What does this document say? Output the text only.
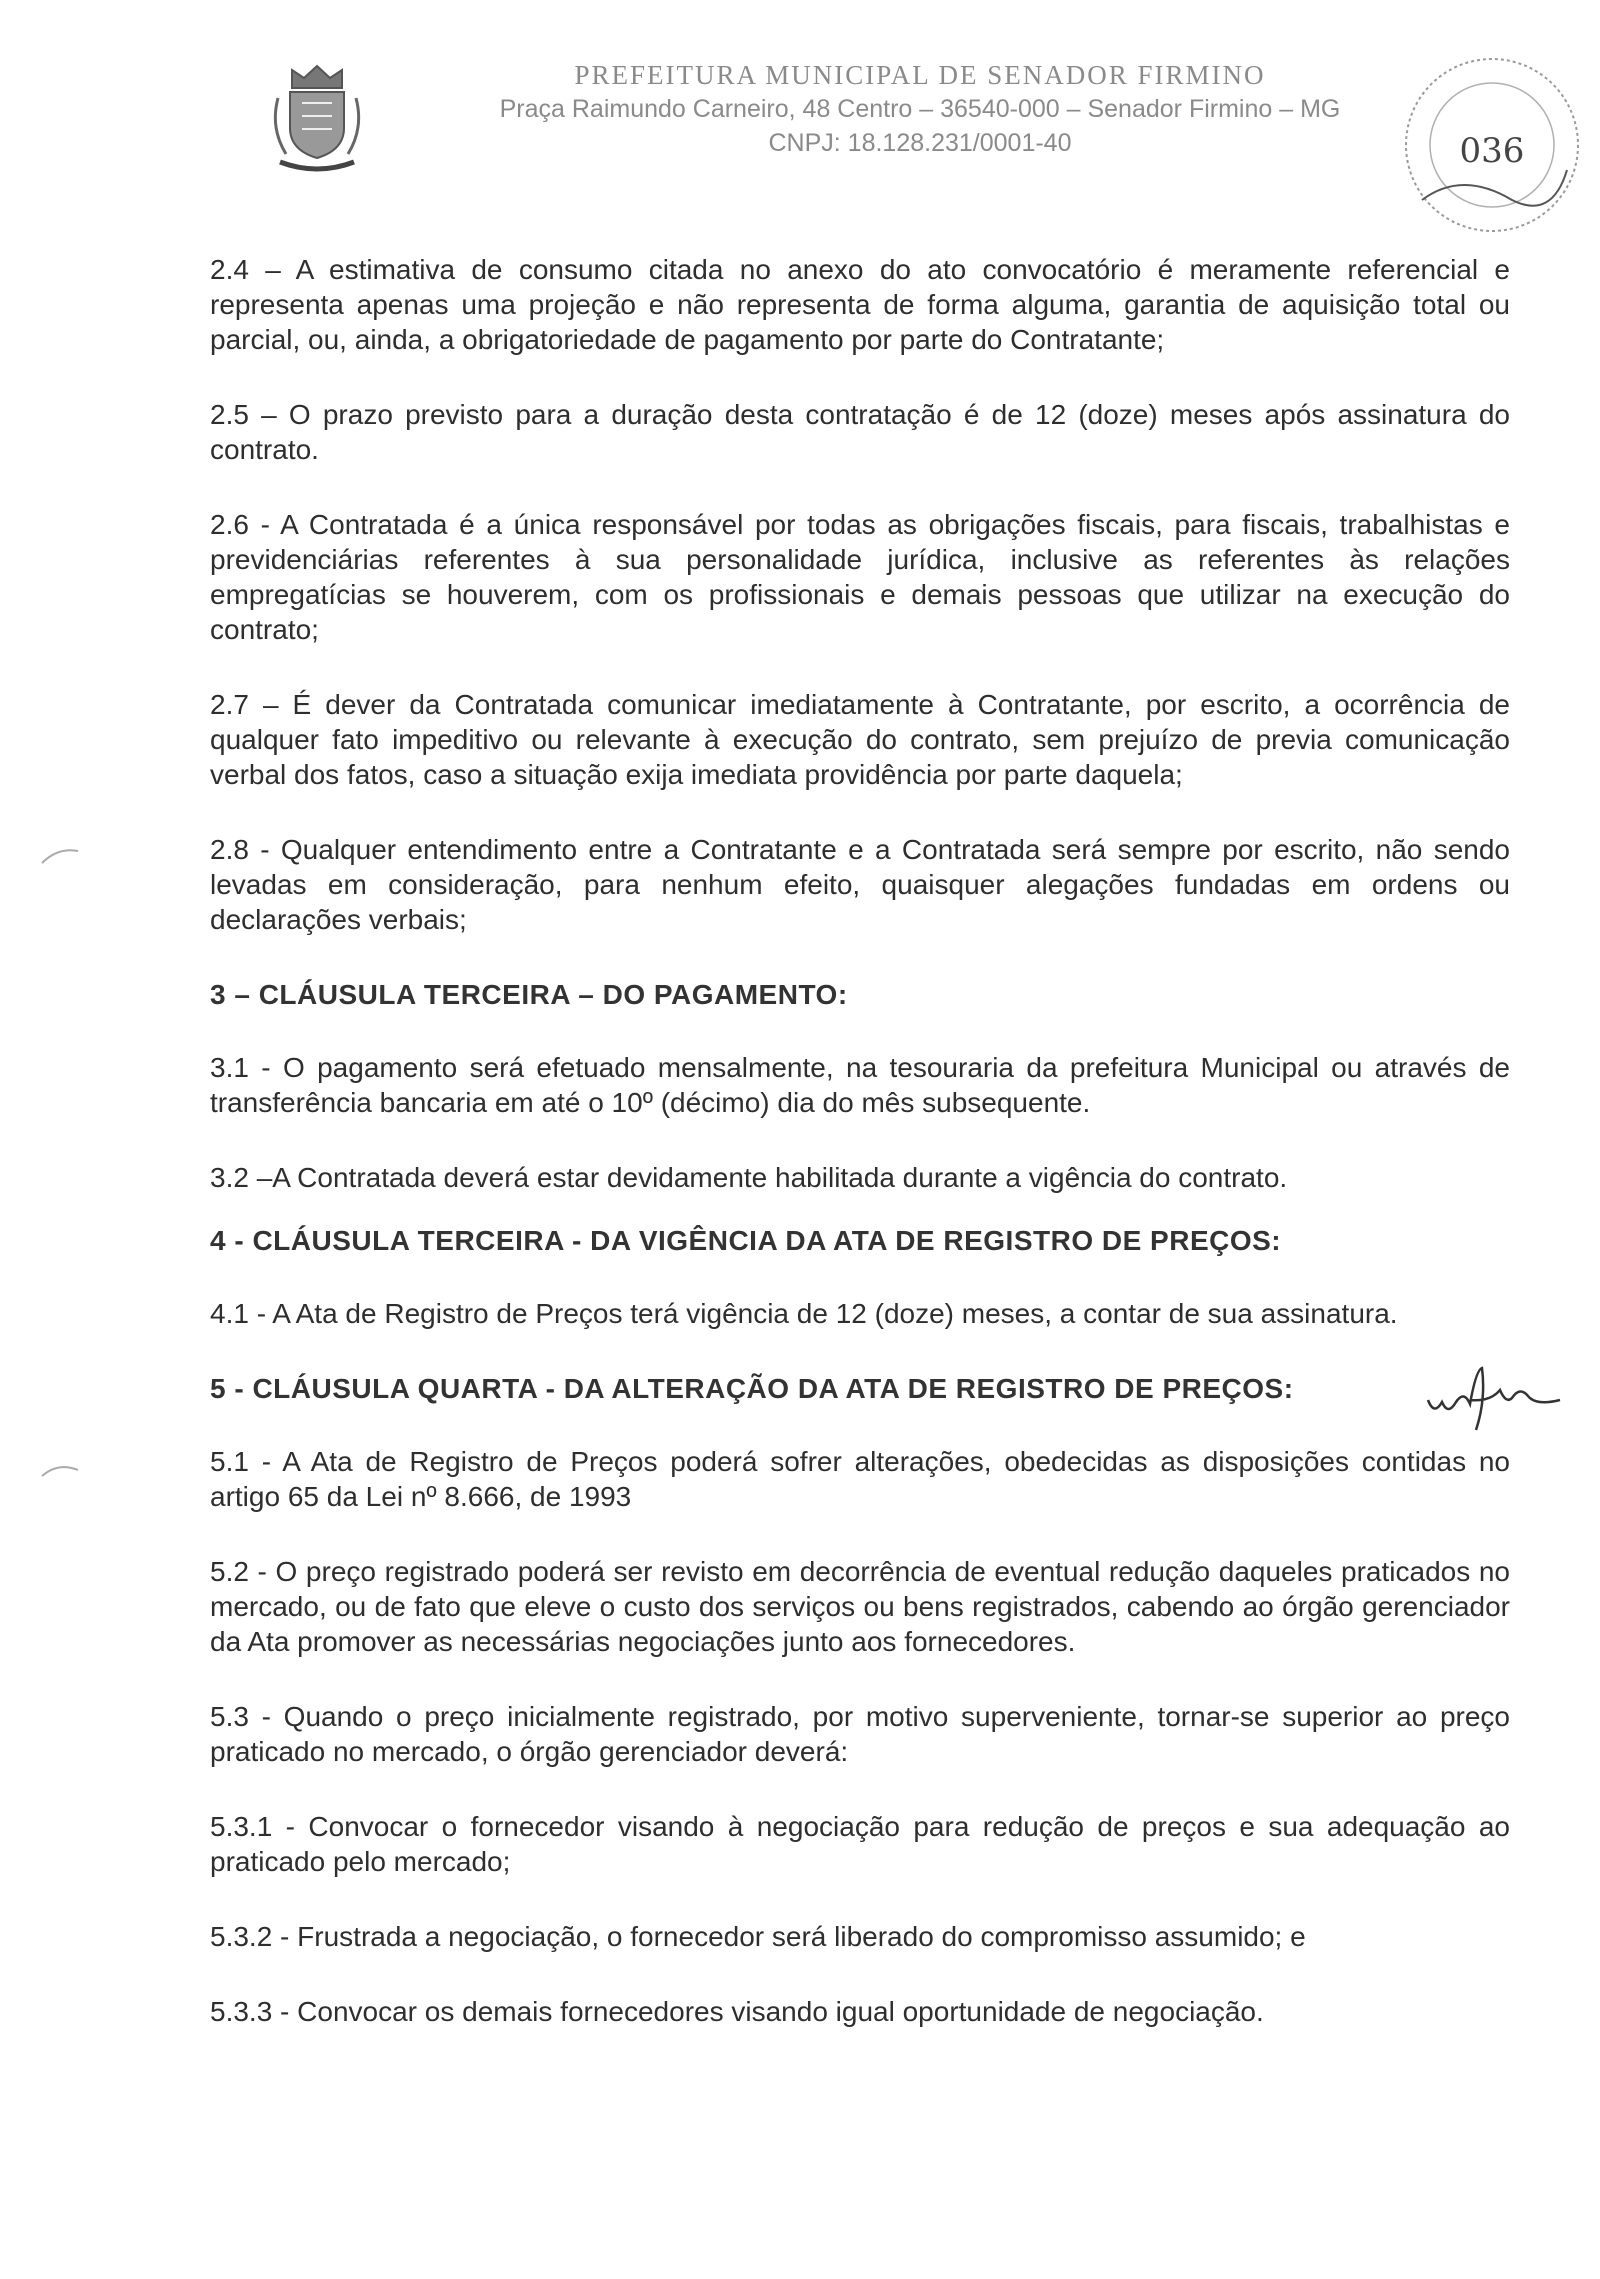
PREFEITURA MUNICIPAL DE SENADOR FIRMINO
Praça Raimundo Carneiro, 48 Centro – 36540-000 – Senador Firmino – MG
CNPJ: 18.128.231/0001-40	036

2.4 – A estimativa de consumo citada no anexo do ato convocatório é meramente referencial e representa apenas uma projeção e não representa de forma alguma, garantia de aquisição total ou parcial, ou, ainda, a obrigatoriedade de pagamento por parte do Contratante;

2.5 – O prazo previsto para a duração desta contratação é de 12 (doze) meses após assinatura do contrato.

2.6 - A Contratada é a única responsável por todas as obrigações fiscais, para fiscais, trabalhistas e previdenciárias referentes à sua personalidade jurídica, inclusive as referentes às relações empregatícias se houverem, com os profissionais e demais pessoas que utilizar na execução do contrato;

2.7 – É dever da Contratada comunicar imediatamente à Contratante, por escrito, a ocorrência de qualquer fato impeditivo ou relevante à execução do contrato, sem prejuízo de previa comunicação verbal dos fatos, caso a situação exija imediata providência por parte daquela;

2.8 - Qualquer entendimento entre a Contratante e a Contratada será sempre por escrito, não sendo levadas em consideração, para nenhum efeito, quaisquer alegações fundadas em ordens ou declarações verbais;

3 – CLÁUSULA TERCEIRA – DO PAGAMENTO:

3.1 - O pagamento será efetuado mensalmente, na tesouraria da prefeitura Municipal ou através de transferência bancaria em até o 10º (décimo) dia do mês subsequente.

3.2 –A Contratada deverá estar devidamente habilitada durante a vigência do contrato.

4 - CLÁUSULA TERCEIRA - DA VIGÊNCIA DA ATA DE REGISTRO DE PREÇOS:

4.1 - A Ata de Registro de Preços terá vigência de 12 (doze) meses, a contar de sua assinatura.

5 - CLÁUSULA QUARTA - DA ALTERAÇÃO DA ATA DE REGISTRO DE PREÇOS:

5.1 - A Ata de Registro de Preços poderá sofrer alterações, obedecidas as disposições contidas no artigo 65 da Lei nº 8.666, de 1993

5.2 - O preço registrado poderá ser revisto em decorrência de eventual redução daqueles praticados no mercado, ou de fato que eleve o custo dos serviços ou bens registrados, cabendo ao órgão gerenciador da Ata promover as necessárias negociações junto aos fornecedores.

5.3 - Quando o preço inicialmente registrado, por motivo superveniente, tornar-se superior ao preço praticado no mercado, o órgão gerenciador deverá:

5.3.1 - Convocar o fornecedor visando à negociação para redução de preços e sua adequação ao praticado pelo mercado;

5.3.2 - Frustrada a negociação, o fornecedor será liberado do compromisso assumido; e

5.3.3 - Convocar os demais fornecedores visando igual oportunidade de negociação.
